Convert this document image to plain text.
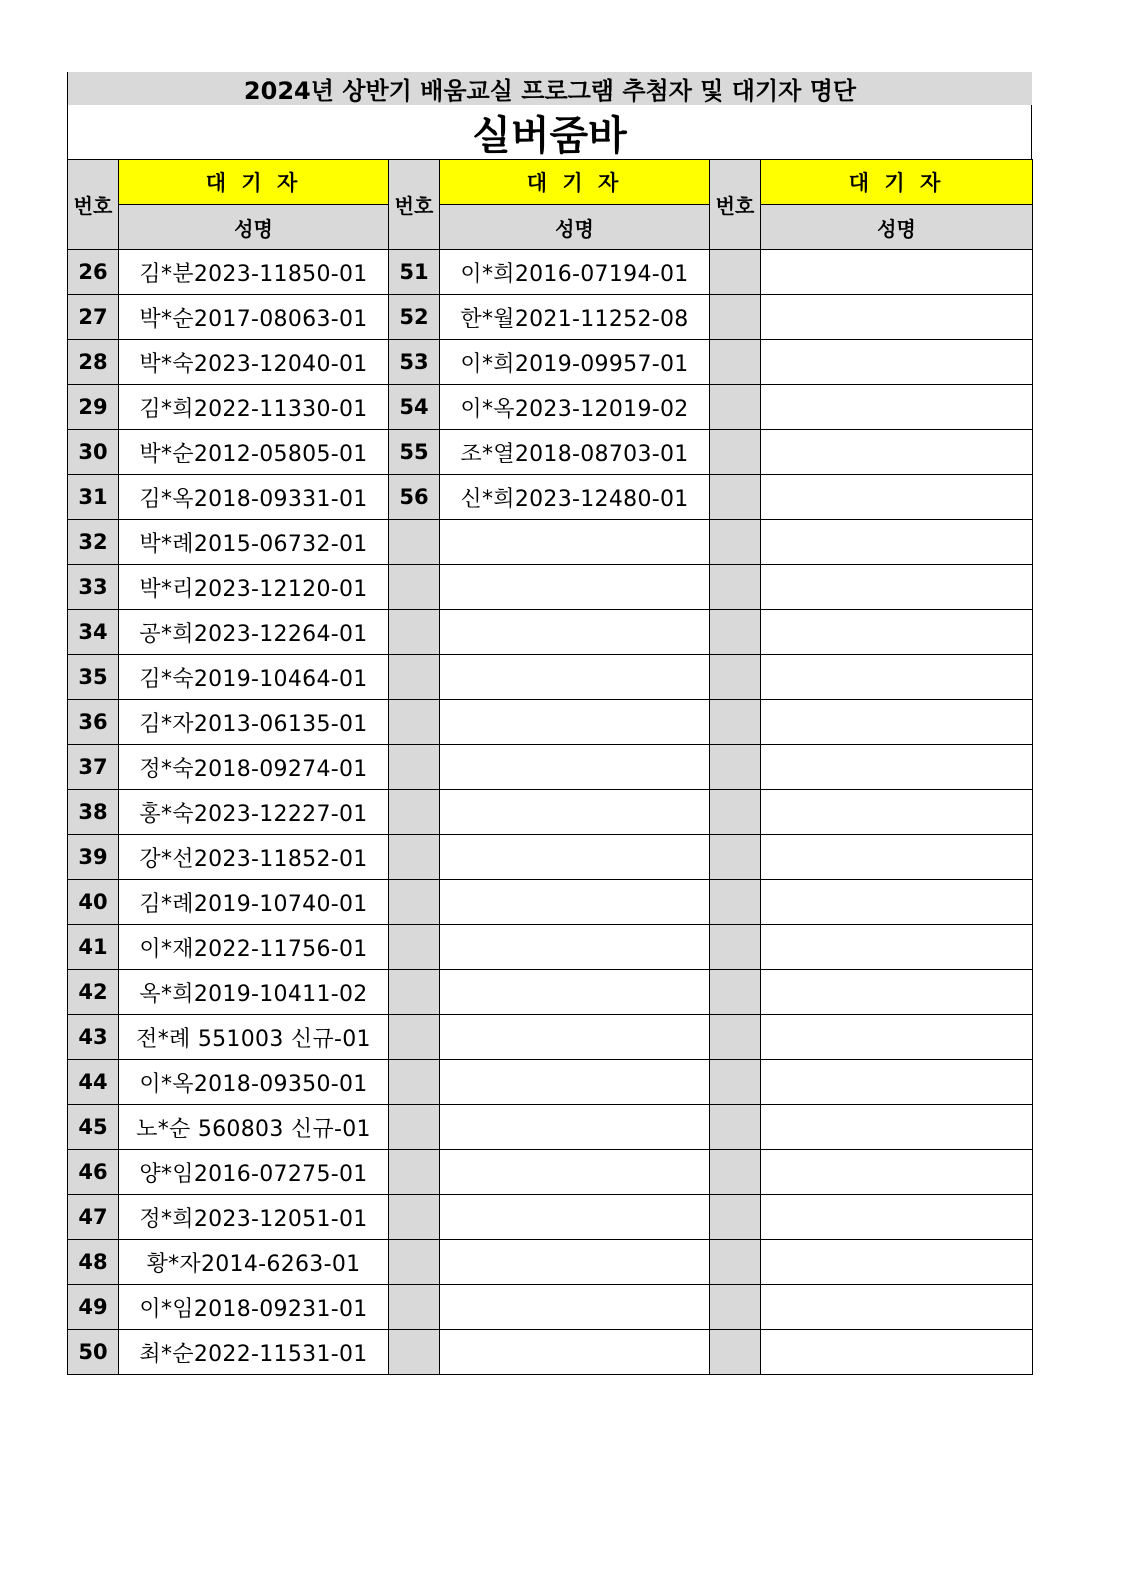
2024년 상반기 배움교실 프로그램 추첨자 및 대기자 명단
실버줌바
번호	대 기 자	번호	대 기 자	번호	대 기 자
	성명		성명		성명
26	김*분2023-11850-01	51	이*희2016-07194-01		
27	박*순2017-08063-01	52	한*월2021-11252-08		
28	박*숙2023-12040-01	53	이*희2019-09957-01		
29	김*희2022-11330-01	54	이*옥2023-12019-02		
30	박*순2012-05805-01	55	조*열2018-08703-01		
31	김*옥2018-09331-01	56	신*희2023-12480-01		
32	박*례2015-06732-01				
33	박*리2023-12120-01				
34	공*희2023-12264-01				
35	김*숙2019-10464-01				
36	김*자2013-06135-01				
37	정*숙2018-09274-01				
38	홍*숙2023-12227-01				
39	강*선2023-11852-01				
40	김*례2019-10740-01				
41	이*재2022-11756-01				
42	옥*희2019-10411-02				
43	전*례 551003 신규-01				
44	이*옥2018-09350-01				
45	노*순 560803 신규-01				
46	양*임2016-07275-01				
47	정*희2023-12051-01				
48	황*자2014-6263-01				
49	이*임2018-09231-01				
50	최*순2022-11531-01				
